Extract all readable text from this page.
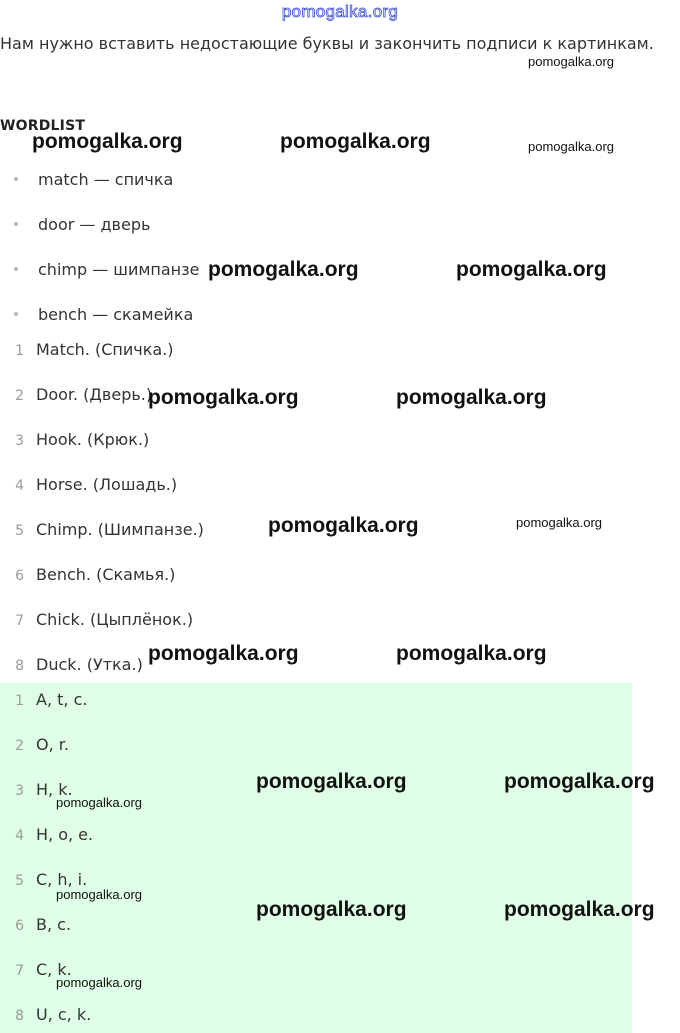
pomogalka.org
Нам нужно вставить недостающие буквы и закончить подписи к картинкам.
WORDLIST
match — спичка
door — дверь
chimp — шимпанзе
bench — скамейка
1 Match. (Спичка.)
2 Door. (Дверь.)
3 Hook. (Крюк.)
4 Horse. (Лошадь.)
5 Chimp. (Шимпанзе.)
6 Bench. (Скамья.)
7 Chick. (Цыплёнок.)
8 Duck. (Утка.)
1 A, t, c.
2 O, r.
3 H, k.
4 H, o, e.
5 C, h, i.
6 B, c.
7 C, k.
8 U, c, k.
pomogalka.org
pomogalka.org	pomogalka.org	pomogalka.org
pomogalka.org	pomogalka.org
pomogalka.org	pomogalka.org
pomogalka.org	pomogalka.org
pomogalka.org	pomogalka.org
pomogalka.org	pomogalka.org
pomogalka.org
pomogalka.org
pomogalka.org	pomogalka.org
pomogalka.org
